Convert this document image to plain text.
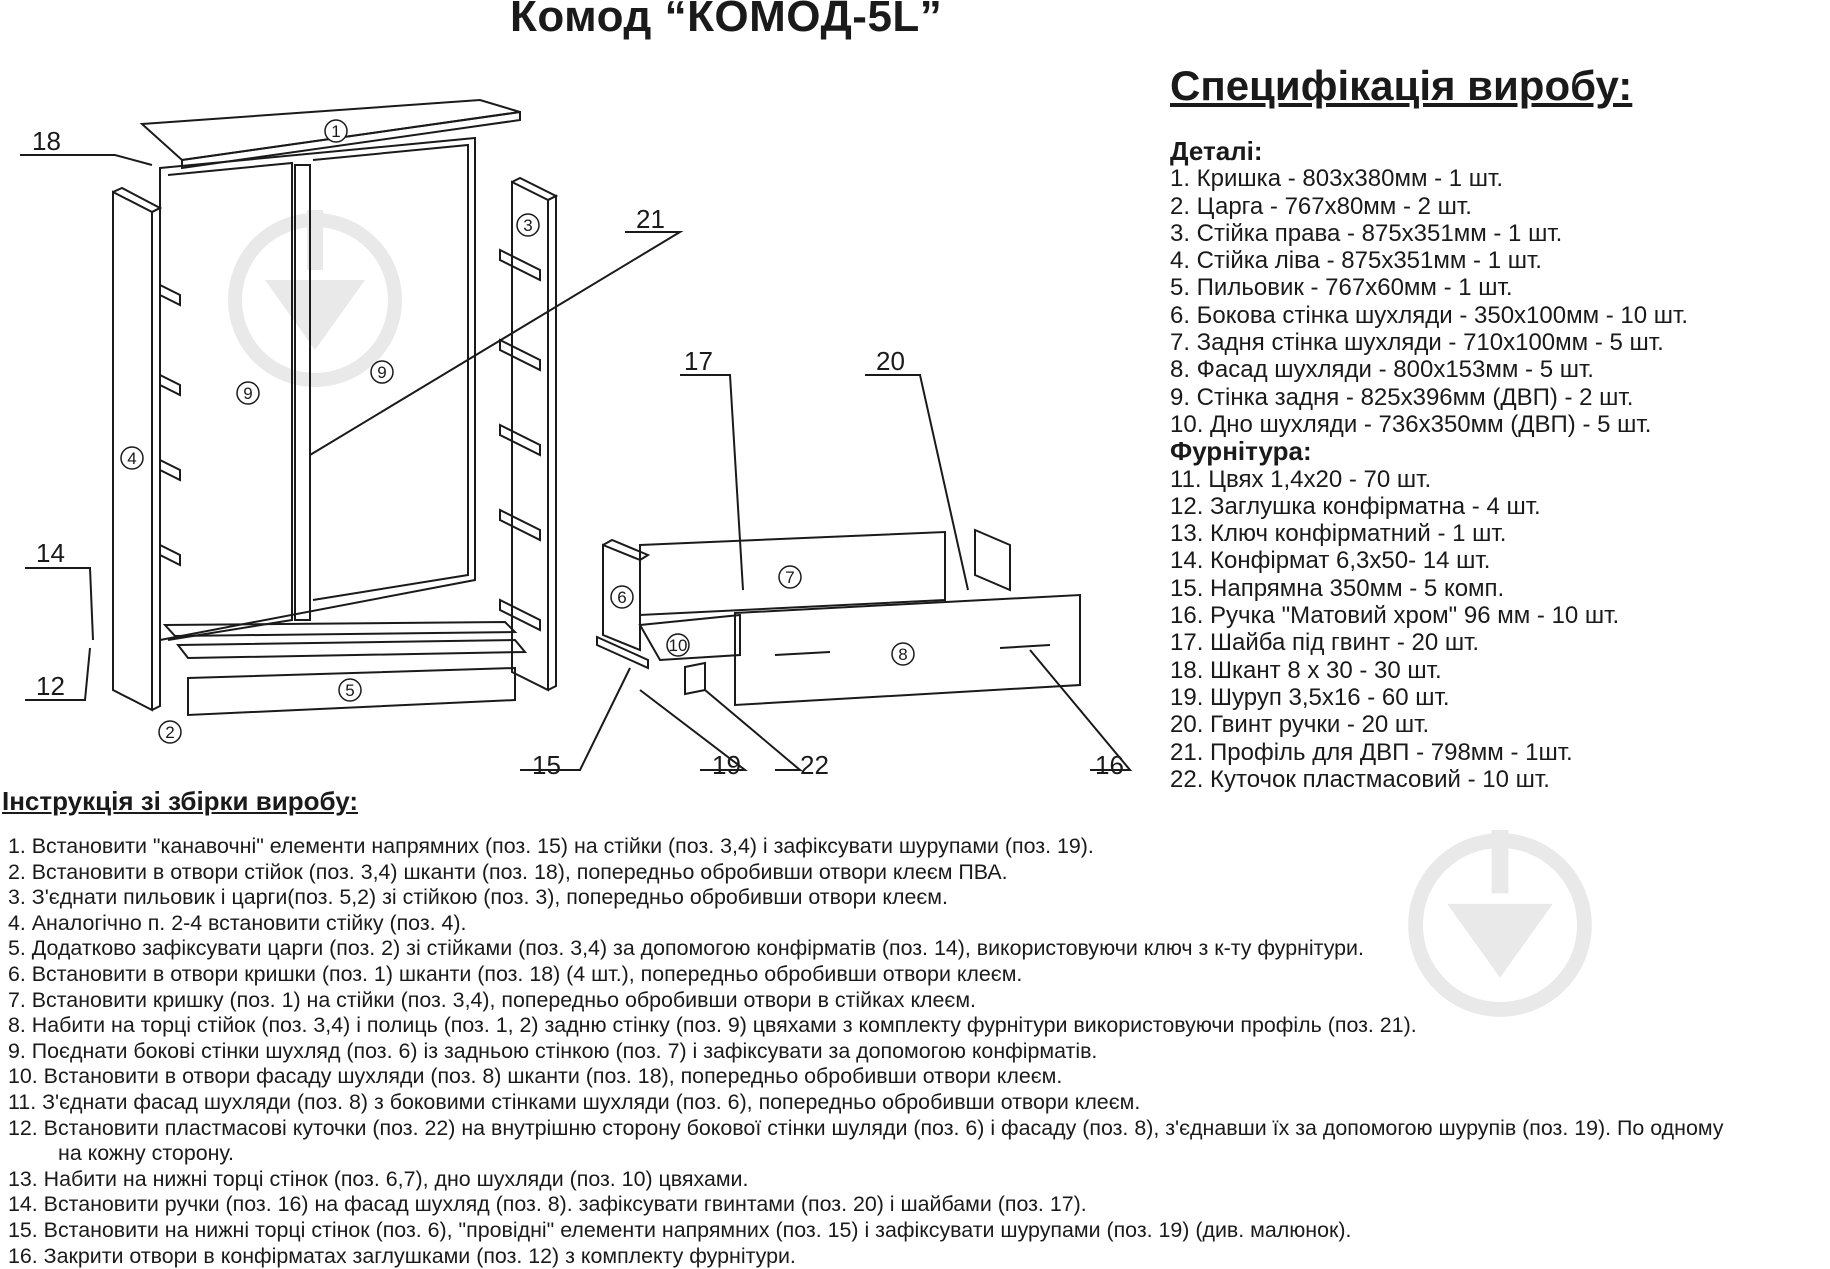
Комод “КОМОД-5L”
18
21
14
12
17	20
15	19 22	16
1
2
3
4
5
6
7
8
9
9
10
Специфікація виробу:
Деталі:
1. Кришка - 803х380мм - 1 шт.
2. Царга - 767х80мм - 2 шт.
3. Стійка права - 875х351мм - 1 шт.
4. Стійка ліва - 875х351мм - 1 шт.
5. Пильовик - 767х60мм - 1 шт.
6. Бокова стінка шухляди - 350х100мм - 10 шт.
7. Задня стінка шухляди - 710х100мм - 5 шт.
8. Фасад шухляди - 800х153мм - 5 шт.
9. Стінка задня - 825х396мм (ДВП) - 2 шт.
10. Дно шухляди - 736х350мм (ДВП) - 5 шт.
Фурнітура:
11. Цвях 1,4х20 - 70 шт.
12. Заглушка конфірматна - 4 шт.
13. Ключ конфірматний - 1 шт.
14. Конфірмат 6,3х50- 14 шт.
15. Напрямна 350мм - 5 комп.
16. Ручка "Матовий хром" 96 мм - 10 шт.
17. Шайба під гвинт - 20 шт.
18. Шкант 8 х 30 - 30 шт.
19. Шуруп 3,5х16 - 60 шт.
20. Гвинт ручки - 20 шт.
21. Профіль для ДВП - 798мм - 1шт.
22. Куточок пластмасовий - 10 шт.
Інструкція зі збірки виробу:
1. Встановити "канавочні" елементи напрямних (поз. 15) на стійки (поз. 3,4) і зафіксувати шурупами (поз. 19).
2. Встановити в отвори стійок (поз. 3,4) шканти (поз. 18), попередньо обробивши отвори клеєм ПВА.
3. З'єднати пильовик і царги(поз. 5,2) зі стійкою (поз. 3), попередньо обробивши отвори клеєм.
4. Аналогічно п. 2-4 встановити стійку (поз. 4).
5. Додатково зафіксувати царги (поз. 2) зі стійками (поз. 3,4) за допомогою конфірматів (поз. 14), використовуючи ключ з к-ту фурнітури.
6. Встановити в отвори кришки (поз. 1) шканти (поз. 18) (4 шт.), попередньо обробивши отвори клеєм.
7. Встановити кришку (поз. 1) на стійки (поз. 3,4), попередньо обробивши отвори в стійках клеєм.
8. Набити на торці стійок (поз. 3,4) і полиць (поз. 1, 2) задню стінку (поз. 9) цвяхами з комплекту фурнітури використовуючи профіль (поз. 21).
9. Поєднати бокові стінки шухляд (поз. 6) із задньою стінкою (поз. 7) і зафіксувати за допомогою конфірматів.
10. Встановити в отвори фасаду шухляди (поз. 8) шканти (поз. 18), попередньо обробивши отвори клеєм.
11. З'єднати фасад шухляди (поз. 8) з боковими стінками шухляди (поз. 6), попередньо обробивши отвори клеєм.
12. Встановити пластмасові куточки (поз. 22) на внутрішню сторону бокової стінки шуляди (поз. 6) і фасаду (поз. 8), з'єднавши їх за допомогою шурупів (поз. 19). По одному
на кожну сторону.
13. Набити на нижні торці стінок (поз. 6,7), дно шухляди (поз. 10) цвяхами.
14. Встановити ручки (поз. 16) на фасад шухляд (поз. 8). зафіксувати гвинтами (поз. 20) і шайбами (поз. 17).
15. Встановити на нижні торці стінок (поз. 6), "провідні" елементи напрямних (поз. 15) і зафіксувати шурупами (поз. 19) (див. малюнок).
16. Закрити отвори в конфірматах заглушками (поз. 12) з комплекту фурнітури.
